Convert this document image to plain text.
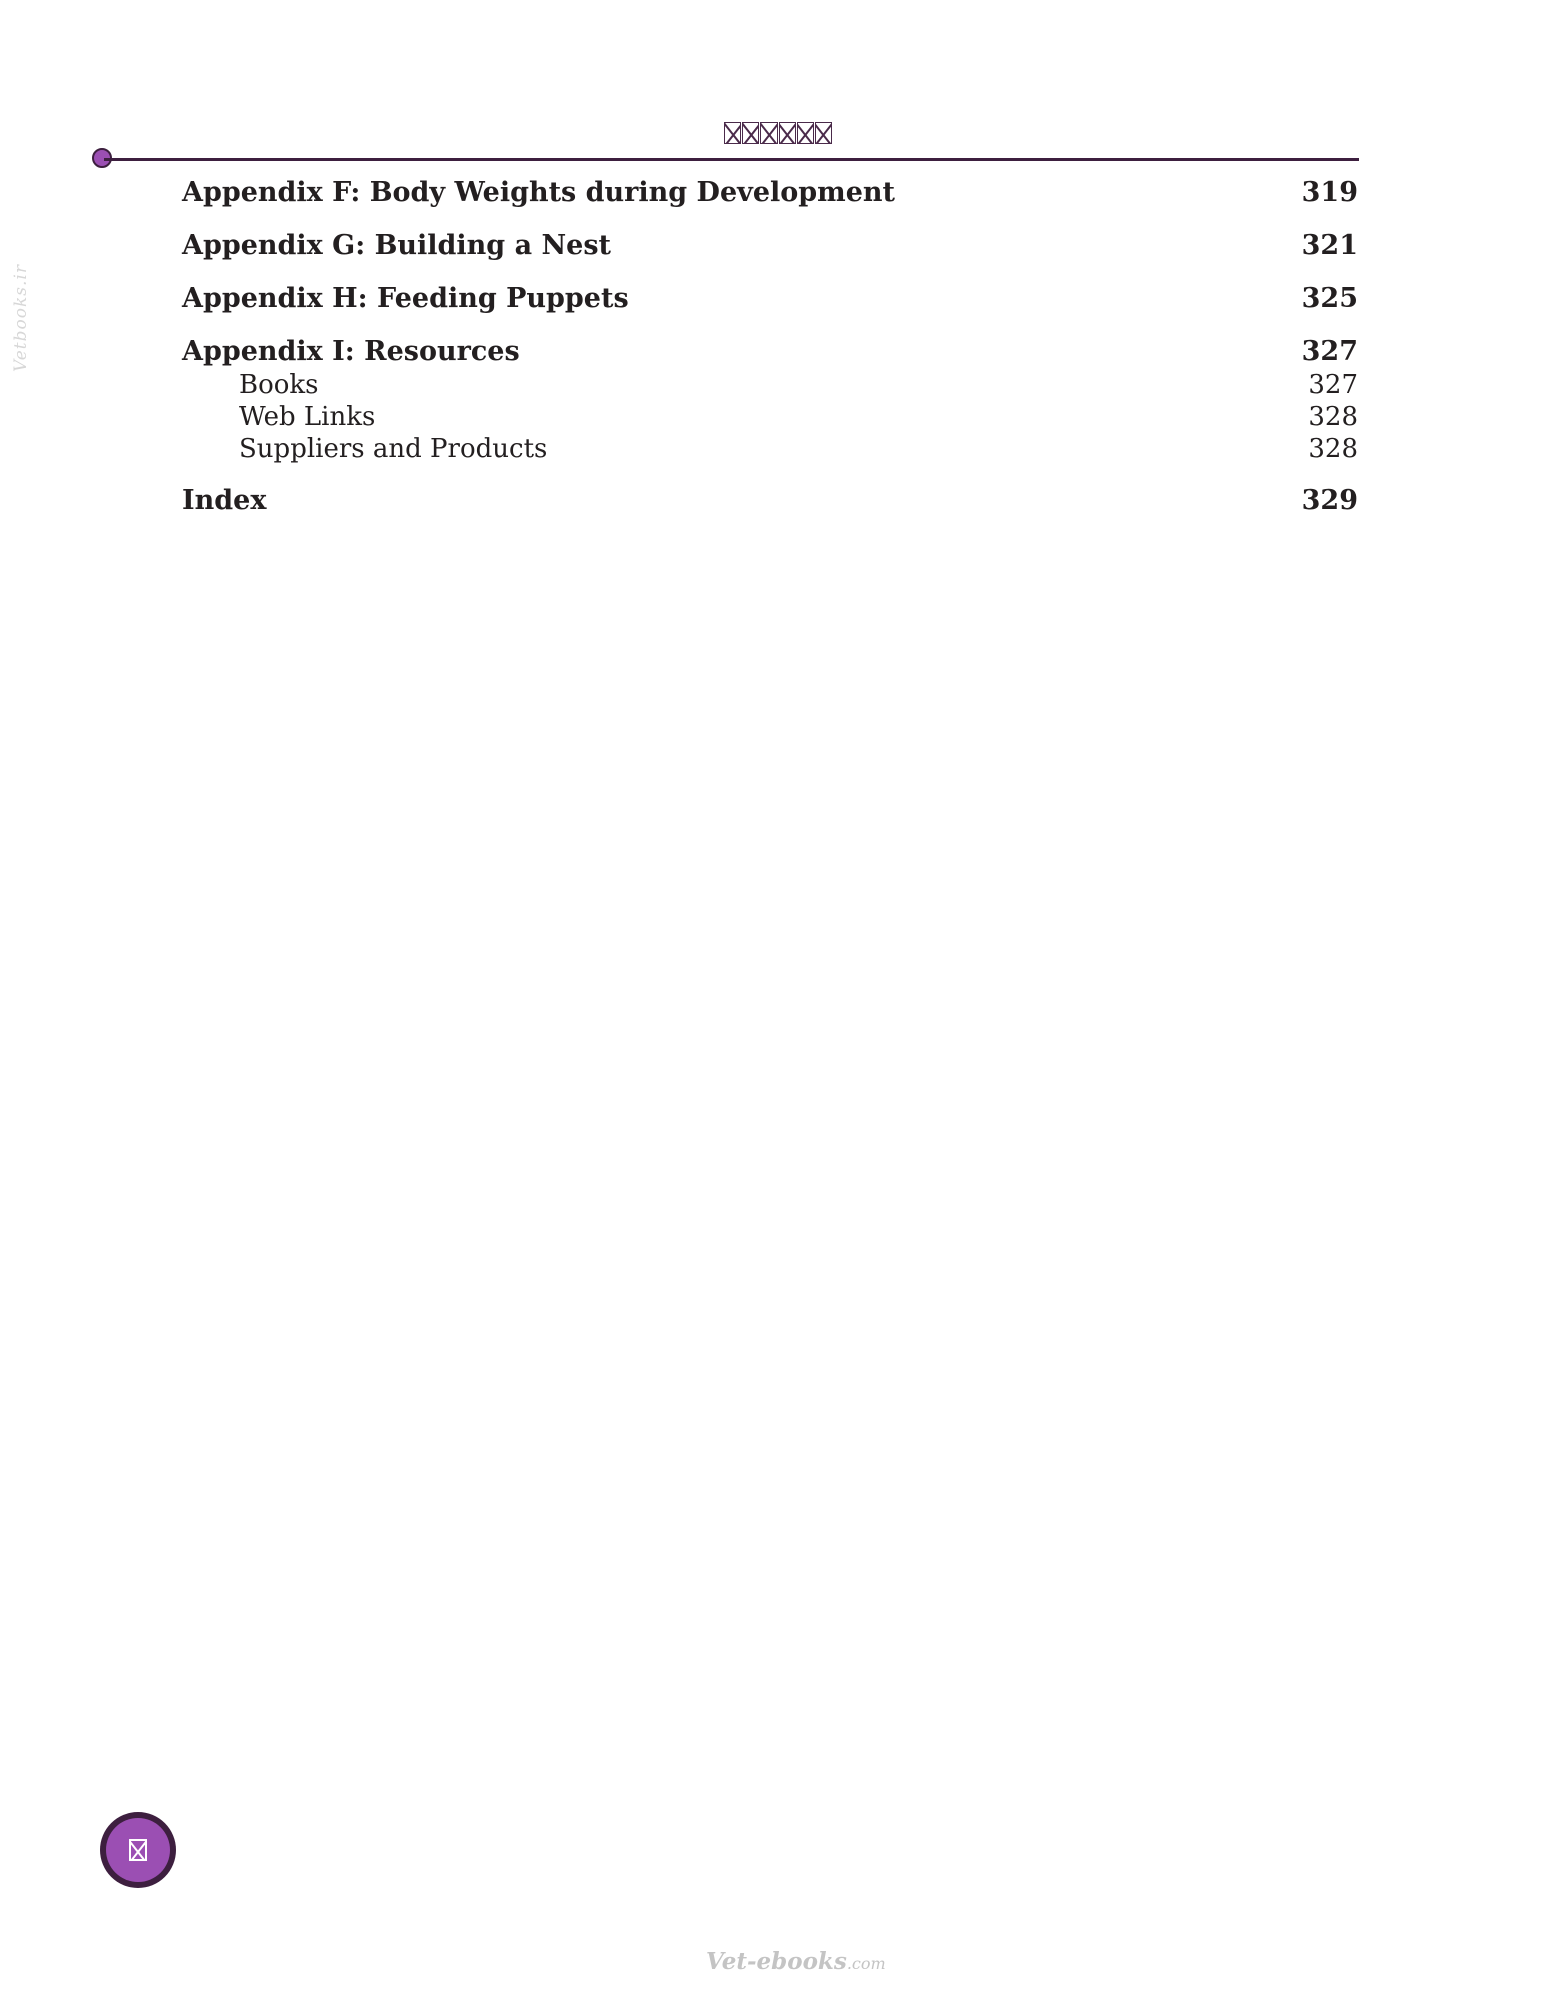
Vetbooks.ir
Appendix F: Body Weights during Development	319
Appendix G: Building a Nest	321
Appendix H: Feeding Puppets	325
Appendix I: Resources	327
Books	327
Web Links	328
Suppliers and Products	328
Index	329
Vet-ebooks.com
